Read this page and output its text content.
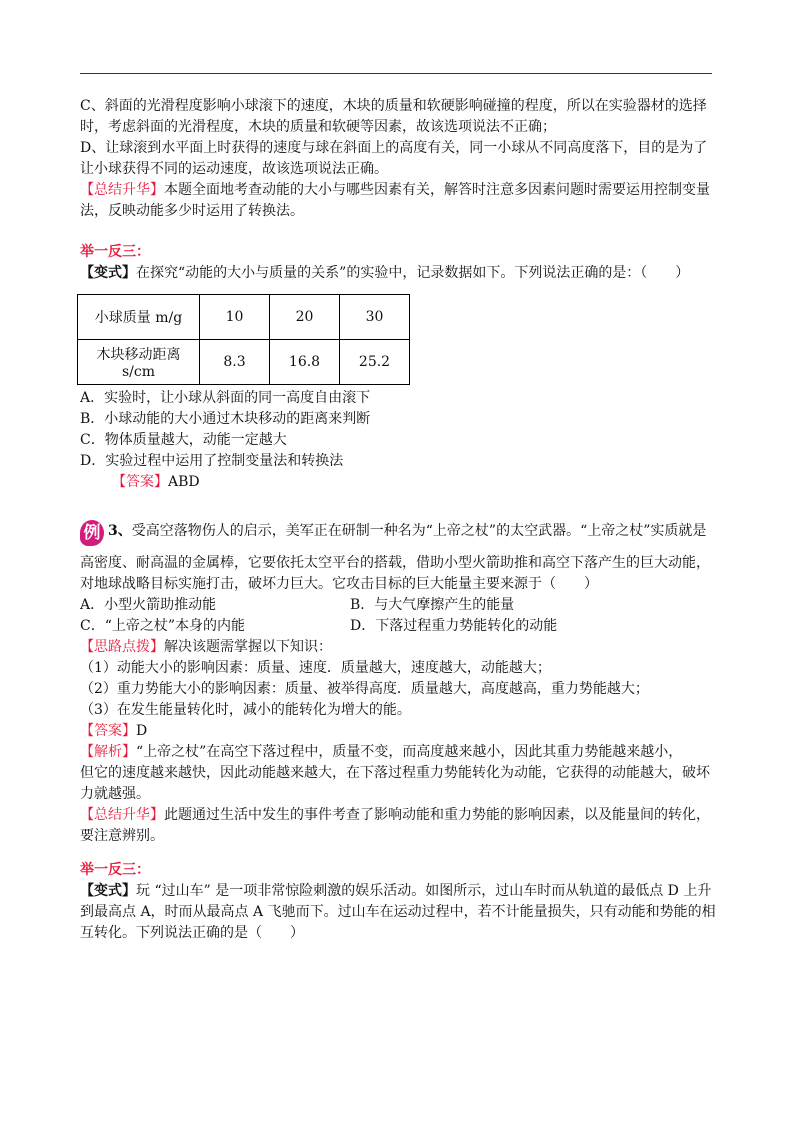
C、斜面的光滑程度影响小球滚下的速度，木块的质量和软硬影响碰撞的程度，所以在实验器材的选择
时，考虑斜面的光滑程度，木块的质量和软硬等因素，故该选项说法不正确；
D、让球滚到水平面上时获得的速度与球在斜面上的高度有关，同一小球从不同高度落下，目的是为了
让小球获得不同的运动速度，故该选项说法正确。
【总结升华】本题全面地考查动能的大小与哪些因素有关，解答时注意多因素问题时需要运用控制变量
法，反映动能多少时运用了转换法。
举一反三：
【变式】在探究“动能的大小与质量的关系”的实验中，记录数据如下。下列说法正确的是：（　　）
小球质量 m/g	10	20	30
木块移动距离 s/cm	8.3	16.8	25.2
A．实验时，让小球从斜面的同一高度自由滚下
B．小球动能的大小通过木块移动的距离来判断
C．物体质量越大，动能一定越大
D．实验过程中运用了控制变量法和转换法
【答案】ABD
例 3、受高空落物伤人的启示，美军正在研制一种名为“上帝之杖”的太空武器。“上帝之杖”实质就是
高密度、耐高温的金属棒，它要依托太空平台的搭载，借助小型火箭助推和高空下落产生的巨大动能，
对地球战略目标实施打击，破坏力巨大。它攻击目标的巨大能量主要来源于（　　）
A．小型火箭助推动能	B．与大气摩擦产生的能量

C．“上帝之杖”本身的内能	D．下落过程重力势能转化的动能

【思路点拨】解决该题需掌握以下知识：
（1）动能大小的影响因素：质量、速度．质量越大，速度越大，动能越大；
（2）重力势能大小的影响因素：质量、被举得高度．质量越大，高度越高，重力势能越大；
（3）在发生能量转化时，减小的能转化为增大的能。
【答案】D
【解析】“上帝之杖”在高空下落过程中，质量不变，而高度越来越小，因此其重力势能越来越小，
但它的速度越来越快，因此动能越来越大，在下落过程重力势能转化为动能，它获得的动能越大，破坏
力就越强。
【总结升华】此题通过生活中发生的事件考查了影响动能和重力势能的影响因素，以及能量间的转化，
要注意辨别。
举一反三：
【变式】玩 “过山车” 是一项非常惊险刺激的娱乐活动。如图所示，过山车时而从轨道的最低点 D 上升
到最高点 A，时而从最高点 A 飞驰而下。过山车在运动过程中，若不计能量损失，只有动能和势能的相
互转化。下列说法正确的是（　　）
